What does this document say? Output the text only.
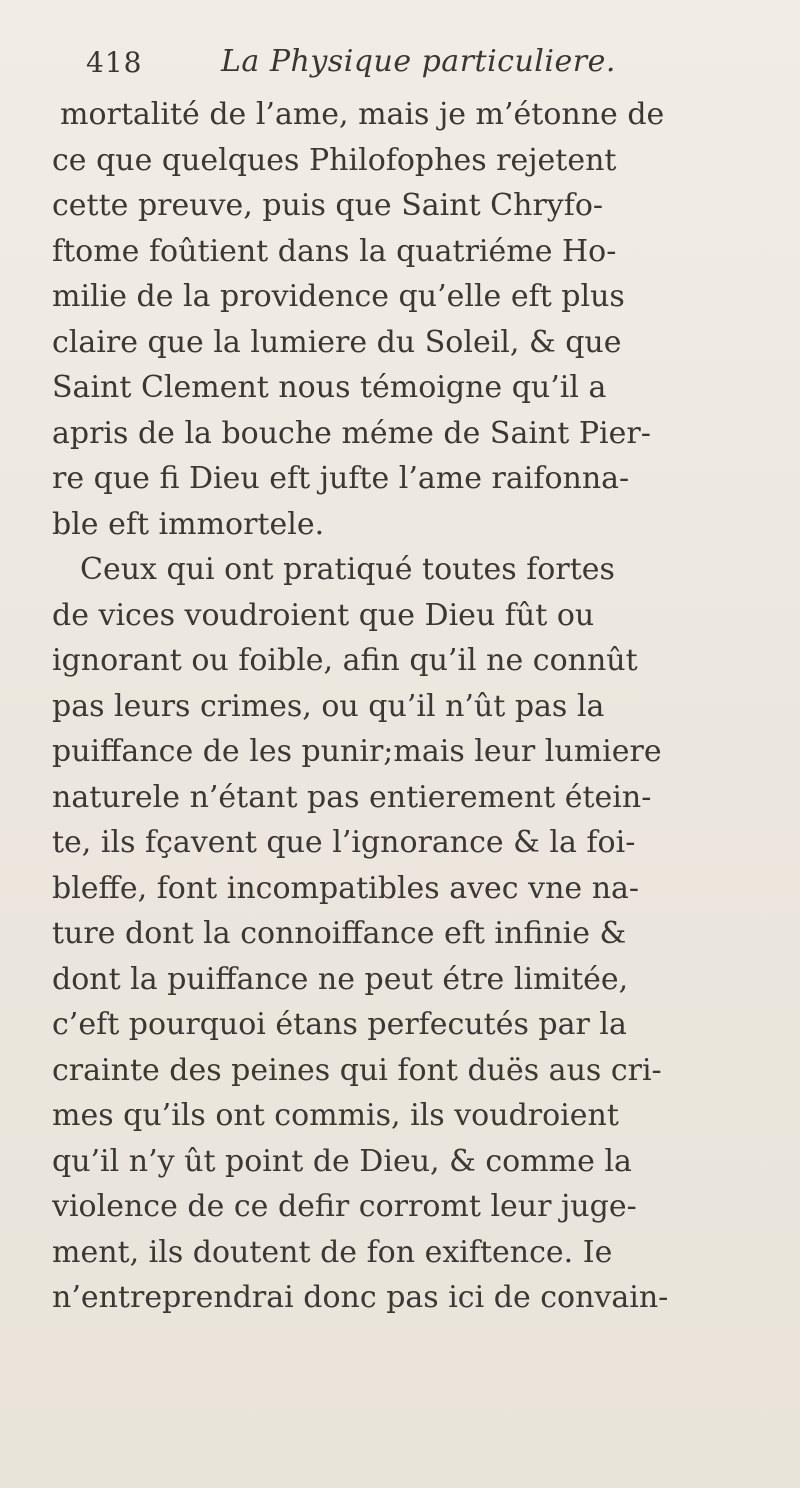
418	La Physique particuliere.
mortalité de l’ame, mais je m’étonne de
ce que quelques Philofophes rejetent
cette preuve, puis que Saint Chryfo-
ftome foûtient dans la quatriéme Ho-
milie de la providence qu’elle eft plus
claire que la lumiere du Soleil, & que
Saint Clement nous témoigne qu’il a
apris de la bouche méme de Saint Pier-
re que fi Dieu eft jufte l’ame raifonna-
ble eft immortele.
Ceux qui ont pratiqué toutes fortes
de vices voudroient que Dieu fût ou
ignorant ou foible, afin qu’il ne connût
pas leurs crimes, ou qu’il n’ût pas la
puiffance de les punir;mais leur lumiere
naturele n’étant pas entierement étein-
te, ils fçavent que l’ignorance & la foi-
bleffe, font incompatibles avec vne na-
ture dont la connoiffance eft infinie &
dont la puiffance ne peut étre limitée,
c’eft pourquoi étans perfecutés par la
crainte des peines qui font duës aus cri-
mes qu’ils ont commis, ils voudroient
qu’il n’y ût point de Dieu, & comme la
violence de ce defir corromt leur juge-
ment, ils doutent de fon exiftence. Ie
n’entreprendrai donc pas ici de convain-
